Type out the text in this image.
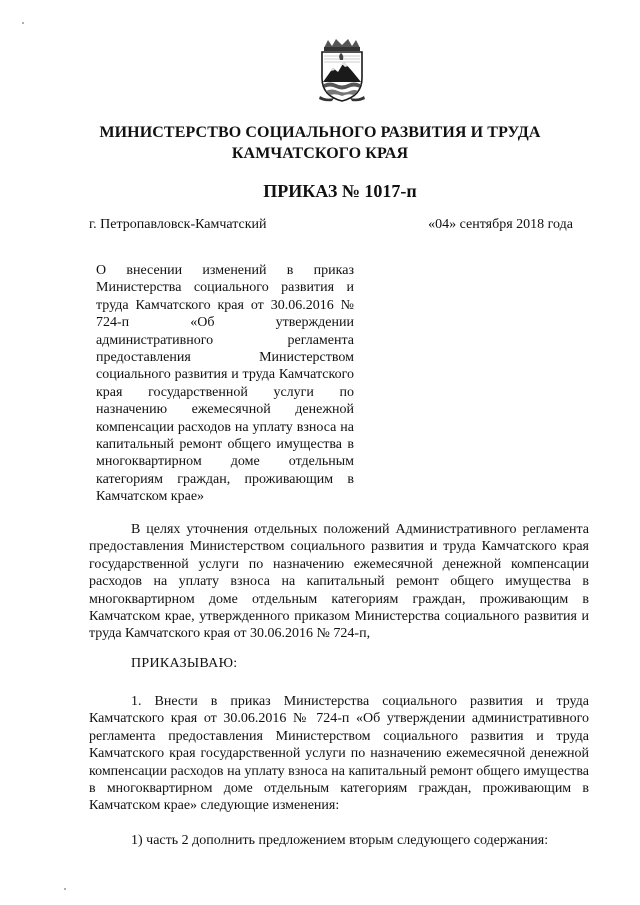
МИНИСТЕРСТВО СОЦИАЛЬНОГО РАЗВИТИЯ И ТРУДА
КАМЧАТСКОГО КРАЯ
ПРИКАЗ № 1017-п
г. Петропавловск-Камчатский	«04» сентября 2018 года
О внесении изменений в приказ Министерства социального развития и труда Камчатского края от 30.06.2016 № 724-п «Об утверждении административного регламента предоставления Министерством социального развития и труда Камчатского края государственной услуги по назначению ежемесячной денежной компенсации расходов на уплату взноса на капитальный ремонт общего имущества в многоквартирном доме отдельным категориям граждан, проживающим в Камчатском крае»
В целях уточнения отдельных положений Административного регламента предоставления Министерством социального развития и труда Камчатского края государственной услуги по назначению ежемесячной денежной компенсации расходов на уплату взноса на капитальный ремонт общего имущества в многоквартирном доме отдельным категориям граждан, проживающим в Камчатском крае, утвержденного приказом Министерства социального развития и труда Камчатского края от 30.06.2016 № 724-п,
ПРИКАЗЫВАЮ:
1. Внести в приказ Министерства социального развития и труда Камчатского края от 30.06.2016 № 724-п «Об утверждении административного регламента предоставления Министерством социального развития и труда Камчатского края государственной услуги по назначению ежемесячной денежной компенсации расходов на уплату взноса на капитальный ремонт общего имущества в многоквартирном доме отдельным категориям граждан, проживающим в Камчатском крае» следующие изменения:
1) часть 2 дополнить предложением вторым следующего содержания:
